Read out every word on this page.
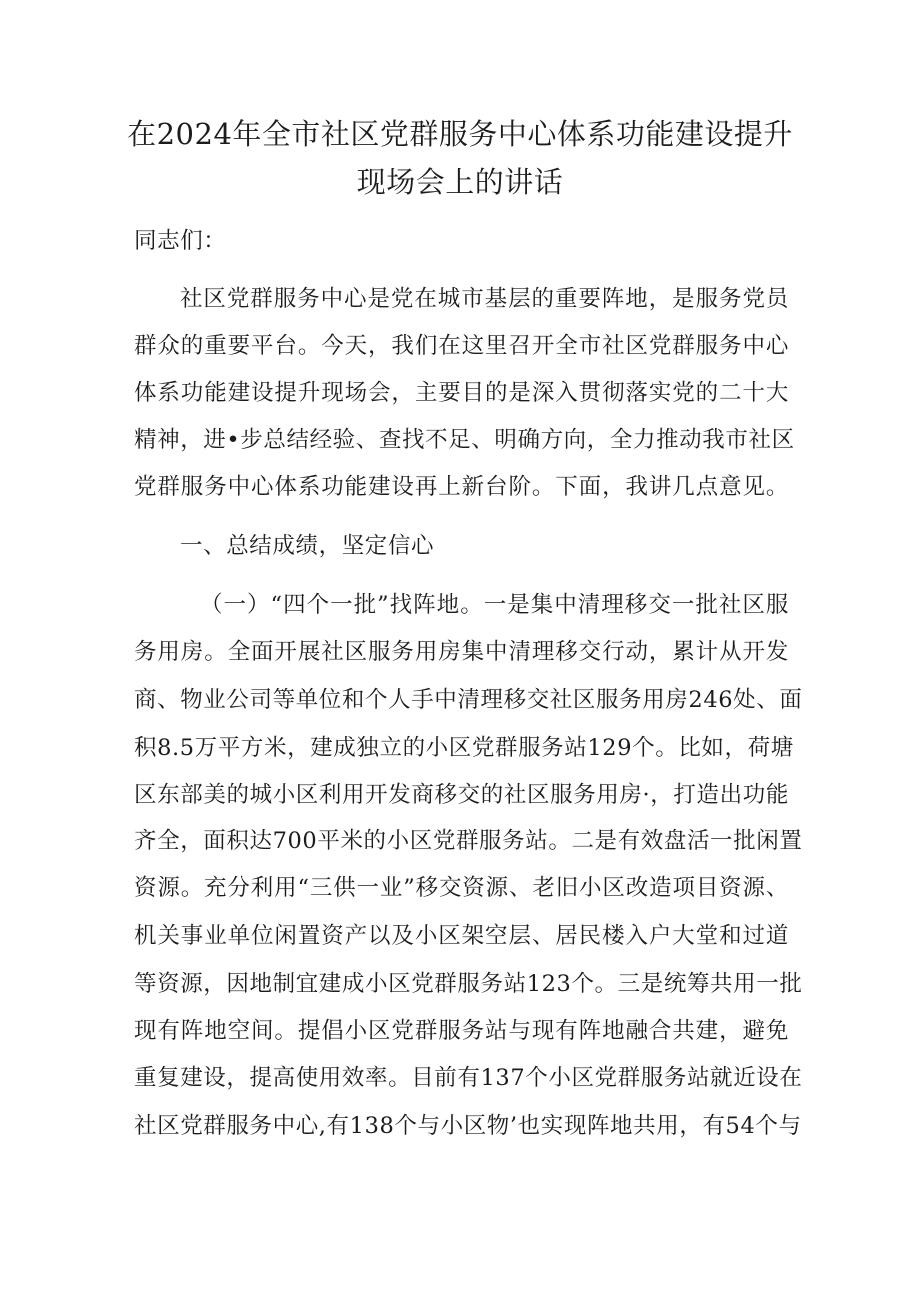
在2024年全市社区党群服务中心体系功能建设提升
现场会上的讲话
同志们：
社区党群服务中心是党在城市基层的重要阵地，是服务党员
群众的重要平台。今天，我们在这里召开全市社区党群服务中心
体系功能建设提升现场会，主要目的是深入贯彻落实党的二十大
精神，进•步总结经验、查找不足、明确方向，全力推动我市社区
党群服务中心体系功能建设再上新台阶。下面，我讲几点意见。
一、总结成绩，坚定信心
（一）“四个一批”找阵地。一是集中清理移交一批社区服
务用房。全面开展社区服务用房集中清理移交行动，累计从开发
商、物业公司等单位和个人手中清理移交社区服务用房246处、面
积8.5万平方米，建成独立的小区党群服务站129个。比如，荷塘
区东部美的城小区利用开发商移交的社区服务用房·，打造出功能
齐全，面积达700平米的小区党群服务站。二是有效盘活一批闲置
资源。充分利用“三供一业”移交资源、老旧小区改造项目资源、
机关事业单位闲置资产以及小区架空层、居民楼入户大堂和过道
等资源，因地制宜建成小区党群服务站123个。三是统筹共用一批
现有阵地空间。提倡小区党群服务站与现有阵地融合共建，避免
重复建设，提高使用效率。目前有137个小区党群服务站就近设在
社区党群服务中心,有138个与小区物’也实现阵地共用，有54个与
